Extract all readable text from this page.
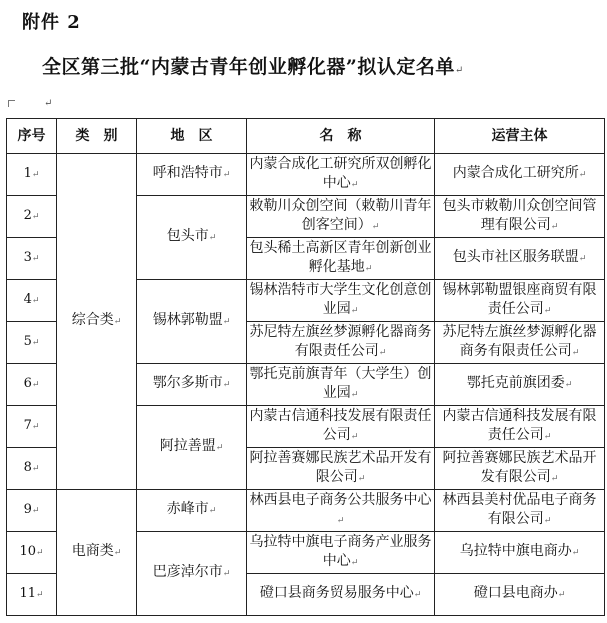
附件 2
全区第三批“内蒙古青年创业孵化器”拟认定名单↵
↵
序号	类　别	地　区	名　称	运营主体
1↵	综合类↵	呼和浩特市↵	内蒙合成化工研究所双创孵化中心↵	内蒙合成化工研究所↵
2↵		包头市↵	敕勒川众创空间（敕勒川青年创客空间）↵	包头市敕勒川众创空间管理有限公司↵
3↵			包头稀土高新区青年创新创业孵化基地↵	包头市社区服务联盟↵
4↵		锡林郭勒盟↵	锡林浩特市大学生文化创意创业园↵	锡林郭勒盟银座商贸有限责任公司↵
5↵			苏尼特左旗丝梦源孵化器商务有限责任公司↵	苏尼特左旗丝梦源孵化器商务有限责任公司↵
6↵		鄂尔多斯市↵	鄂托克前旗青年（大学生）创业园↵	鄂托克前旗团委↵
7↵		阿拉善盟↵	内蒙古信通科技发展有限责任公司↵	内蒙古信通科技发展有限责任公司↵
8↵			阿拉善赛娜民族艺术品开发有限公司↵	阿拉善赛娜民族艺术品开发有限公司↵
9↵	电商类↵	赤峰市↵	林西县电子商务公共服务中心↵	林西县美村优品电子商务有限公司↵
10↵		巴彦淖尔市↵	乌拉特中旗电子商务产业服务中心↵	乌拉特中旗电商办↵
11↵			磴口县商务贸易服务中心↵	磴口县电商办↵
